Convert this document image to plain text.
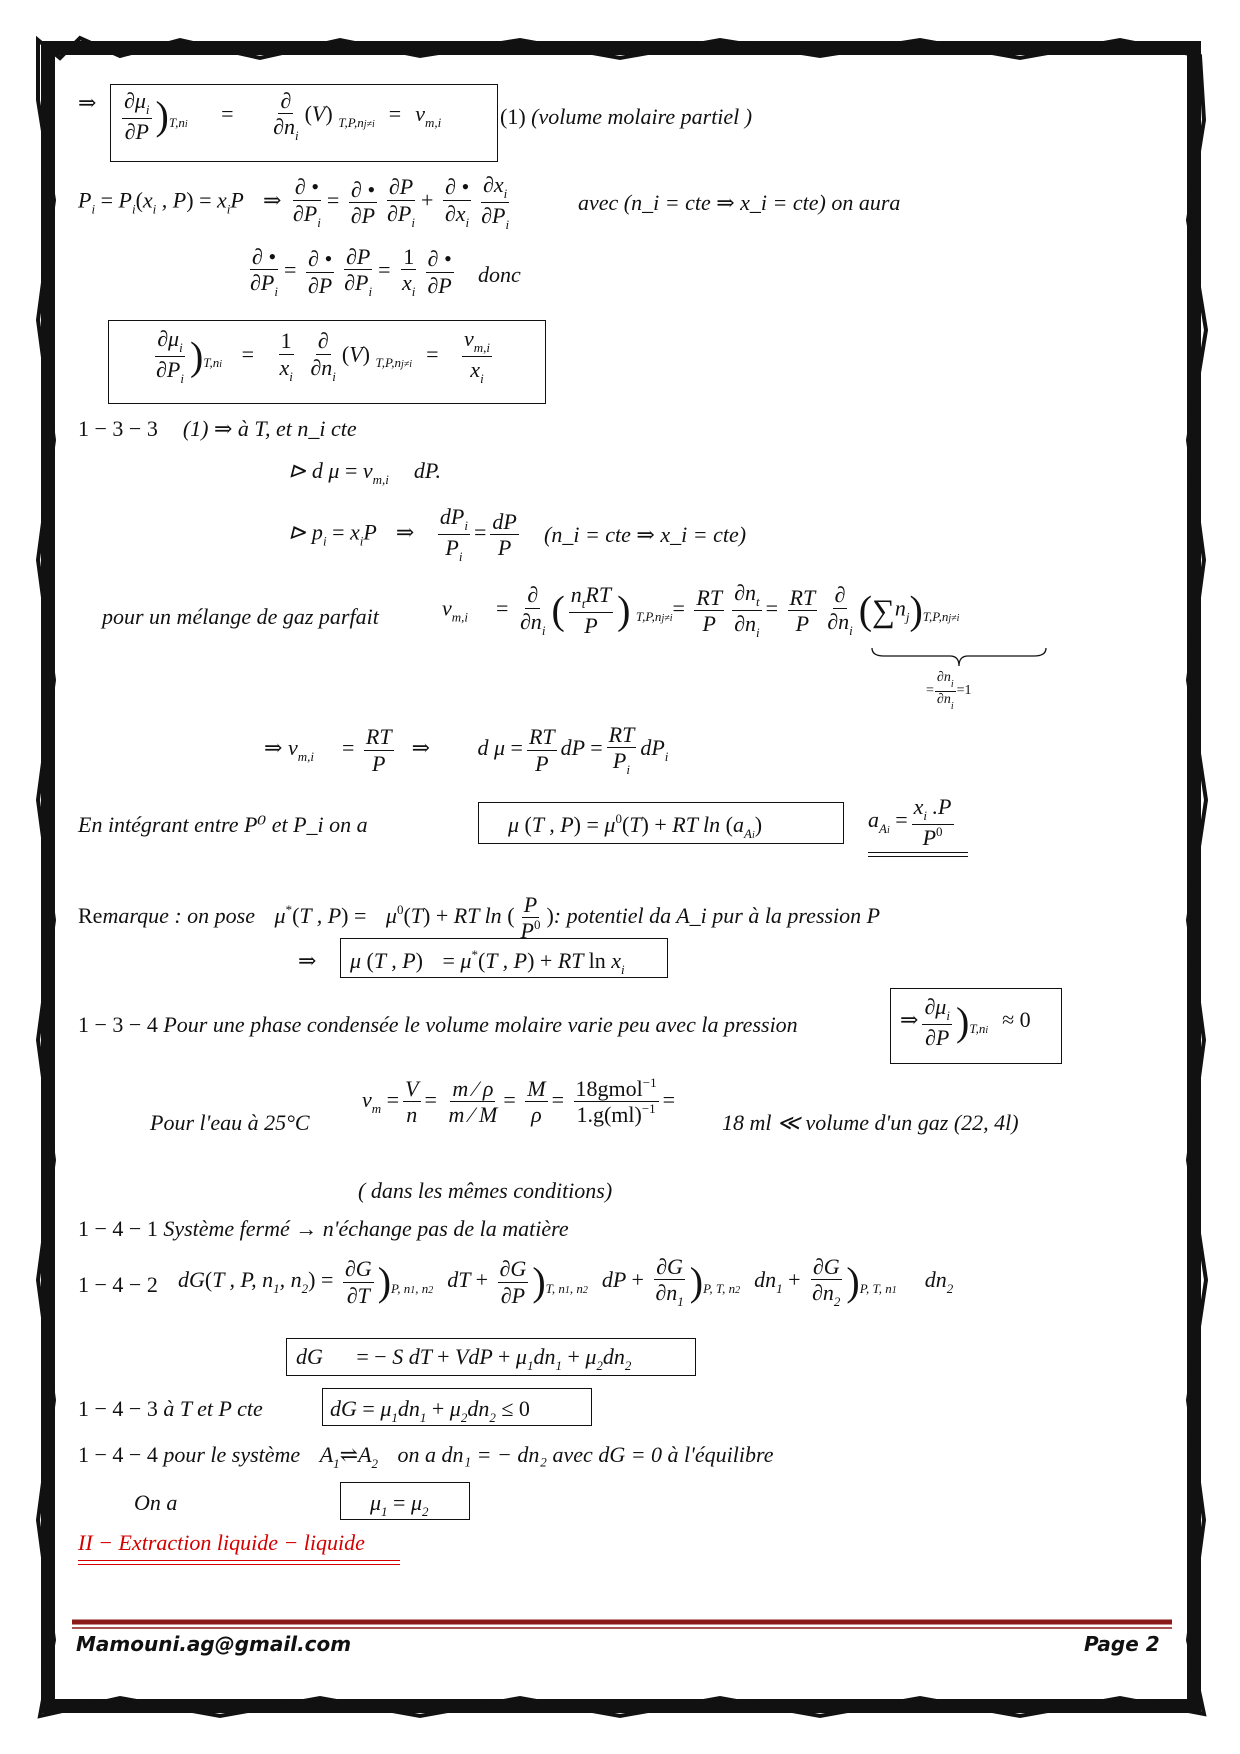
⇒ $\frac{\partial\mu_i}{\partial P} )_{T,ni} = \frac{\partial}{\partial n_i} (V)$ $_{T,P,nj\ne i} = v_{m,i}$	(1) (volume molaire partiel )
$P_i = P_i(x_i$ , $P) = x_iP$ ⇒ $\frac{\partial •}{\partial P_i} = \frac{\partial •}{\partial P} \frac{\partial P}{\partial P_i} + \frac{\partial •}{\partial x_i} \frac{\partial x_i}{\partial P_i}$	avec (n_i = cte ⇒ x_i = cte) on aura
$\frac{\partial •}{\partial P_i} = \frac{\partial •}{\partial P} \frac{\partial P}{\partial P_i} = \frac{1}{x_i} \frac{\partial •}{\partial P}$ donc
$\frac{\partial\mu_i}{\partial P_i} )_{T,ni} = \frac{1}{x_i}$
$\frac{\partial}{\partial n_i} (V) _{T,P,nj\ne i} = \frac{v_{m,i}}{x_i}$
1 − 3 − 3 (1) ⇒ à T, et n_i cte
⊳ d $\mu = v_{m,i}$  dP.
⊳ $p_i = x_iP$ ⇒ $\frac{dP_i}{P_i} = \frac{dP}{P}$ (n_i = cte ⇒ x_i = cte)
pour un mélange de gaz parfait	$v_{m,i} = \frac{\partial}{\partial n_i}$ ( $\frac{n_tRT}{P}$ ) $_{T,P,nj\ne i}= \frac{RT}{P} \frac{\partial n_t}{\partial n_i} = \frac{RT}{P} \frac{\partial}{\partial n_i} (\sum n_j)_{T,P,nj\ne i}$
= $\frac{\partial n_i}{\partial n_i} =1$
⇒ $v_{m,i} = \frac{RT}{P}$ ⇒ d $\mu = \frac{RT}{P}$ dP = $\frac{RT}{P_i} dP_i$
En intégrant entre P⁰ et P_i on a	μ (T , $P) = \mu^0(T)$ + RT $\ln (a_{Ai})$	$a_{Ai} = \frac{x_i .P}{P^0}$
Remarque : on pose μ*(T , $P) = \mu^0(T)$ + RT ln ( $\frac{P}{P^0}$ ): potentiel da A_i pur à la pression P
⇒ μ (T , P) = μ*(T , P) + RT $\ln x_i$
1 − 3 − 4 Pour une phase condensée le volume molaire varie peu avec la pression	⇒ $\frac{\partial\mu_i}{\partial P} )_{T,ni} \approx 0$
Pour l'eau à 25°C
$v_m = \frac{V}{n} = \frac{m ⁄ \rho}{m ⁄ M} = \frac{M}{\rho} = \frac{18gmol^{-1}}{1.g(ml)^{-1}}$ =
18 ml ≪ volume d'un gaz (22, 4l)
( dans les mêmes conditions)
1 − 4 − 1 Système fermé → n'échange pas de la matière
1 − 4 − 2 dG(T , P, $n_1$, $n_2) = \frac{\partial G}{\partial T} )_{P, n1, n2}$ dT + $\frac{\partial G}{\partial P} )_{T, n1, n2}$ dP + $\frac{\partial G}{\partial n_1} )_{P, T, n2}$ $dn_1 + \frac{\partial G}{\partial n_2} )_{P, T, n1}$ $dn_2$
dG = − S dT + VdP + $\mu_1dn_1 + \mu_2dn_2$
1 − 4 − 3 à T et P cte	dG = $\mu_1dn_1 + \mu_2dn_2 \le 0$
1 − 4 − 4 pour le système $A_1\rightleftharpoons A_2$ on a dn₁ = − dn₂ avec dG = 0 à l'équilibre
On a	$\mu_1 = \mu_2$
II − Extraction liquide − liquide
Mamouni.ag@gmail.com	Page 2
